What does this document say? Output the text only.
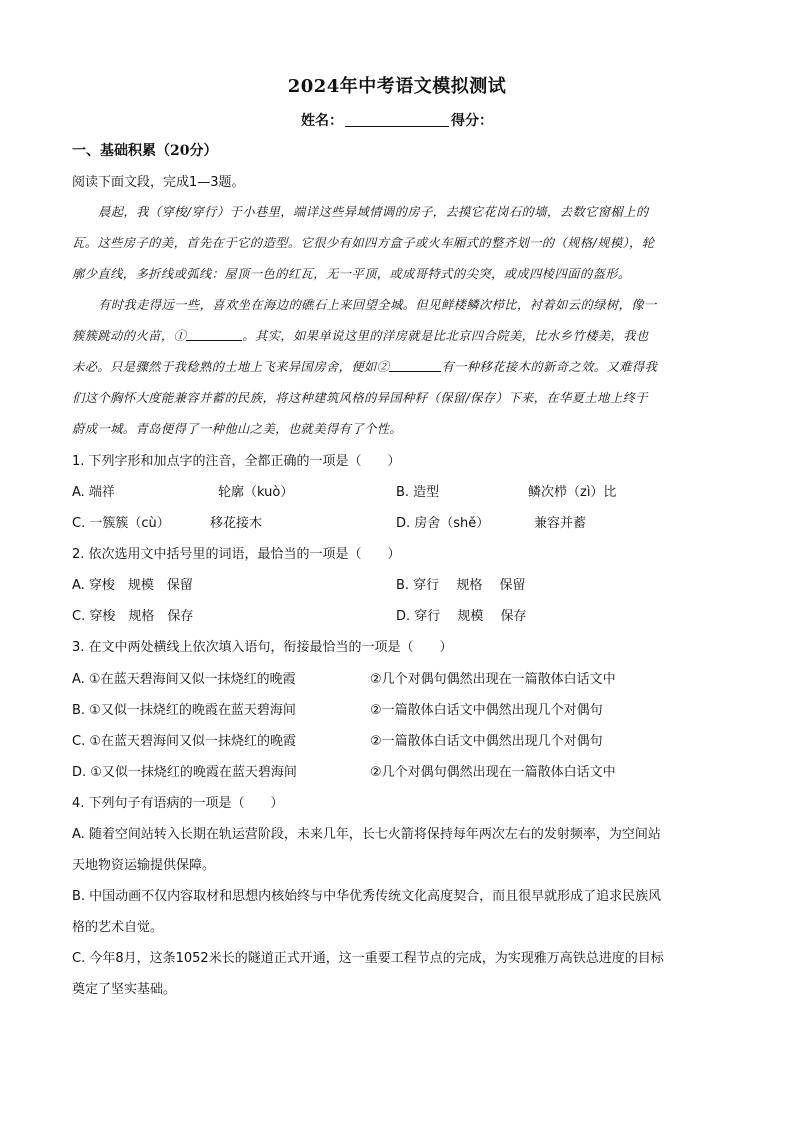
2024年中考语文模拟测试
姓名：	得分：
一、基础积累（20分）
阅读下面文段，完成1—3题。
晨起，我（穿梭/穿行）于小巷里，端详这些异域情调的房子，去摸它花岗石的墙，去数它窗楣上的
瓦。这些房子的美，首先在于它的造型。它很少有如四方盒子或火车厢式的整齐划一的（规格/规模），轮
廓少直线，多折线或弧线：屋顶一色的红瓦，无一平顶，或成哥特式的尖突，或成四棱四面的盔形。
有时我走得远一些，喜欢坐在海边的礁石上来回望全城。但见鲜楼鳞次栉比，衬着如云的绿树，像一
簇簇跳动的火苗，①	。其实，如果单说这里的洋房就是比北京四合院美，比水乡竹楼美，我也
未必。只是骤然于我稔熟的土地上飞来异国房舍，便如②	有一种移花接木的新奇之效。又难得我
们这个胸怀大度能兼容并蓄的民族，将这种建筑风格的异国种籽（保留/保存）下来，在华夏土地上终于
蔚成一城。青岛便得了一种他山之美，也就美得有了个性。
1. 下列字形和加点字的注音，全都正确的一项是（　　）
A. 端祥	轮廓（kuò）	B. 造型	鳞次栉（zì）比
C. 一簇簇（cù）	移花接木	D. 房舍（shě）	兼容并蓄
2. 依次选用文中括号里的词语，最恰当的一项是（　　）
A. 穿梭　规模　保留	B. 穿行　 规格　 保留
C. 穿梭　规格　保存	D. 穿行　 规模　 保存
3. 在文中两处横线上依次填入语句，衔接最恰当的一项是（　　）
A. ①在蓝天碧海间又似一抹烧红的晚霞	②几个对偶句偶然出现在一篇散体白话文中
B. ①又似一抹烧红的晚霞在蓝天碧海间	②一篇散体白话文中偶然出现几个对偶句
C. ①在蓝天碧海间又似一抹烧红的晚霞	②一篇散体白话文中偶然出现几个对偶句
D. ①又似一抹烧红的晚霞在蓝天碧海间	②几个对偶句偶然出现在一篇散体白话文中
4. 下列句子有语病的一项是（　　）
A. 随着空间站转入长期在轨运营阶段，未来几年，长七火箭将保持每年两次左右的发射频率，为空间站
天地物资运输提供保障。
B. 中国动画不仅内容取材和思想内核始终与中华优秀传统文化高度契合，而且很早就形成了追求民族风
格的艺术自觉。
C. 今年8月，这条1052米长的隧道正式开通，这一重要工程节点的完成，为实现雅万高铁总进度的目标
奠定了坚实基础。
